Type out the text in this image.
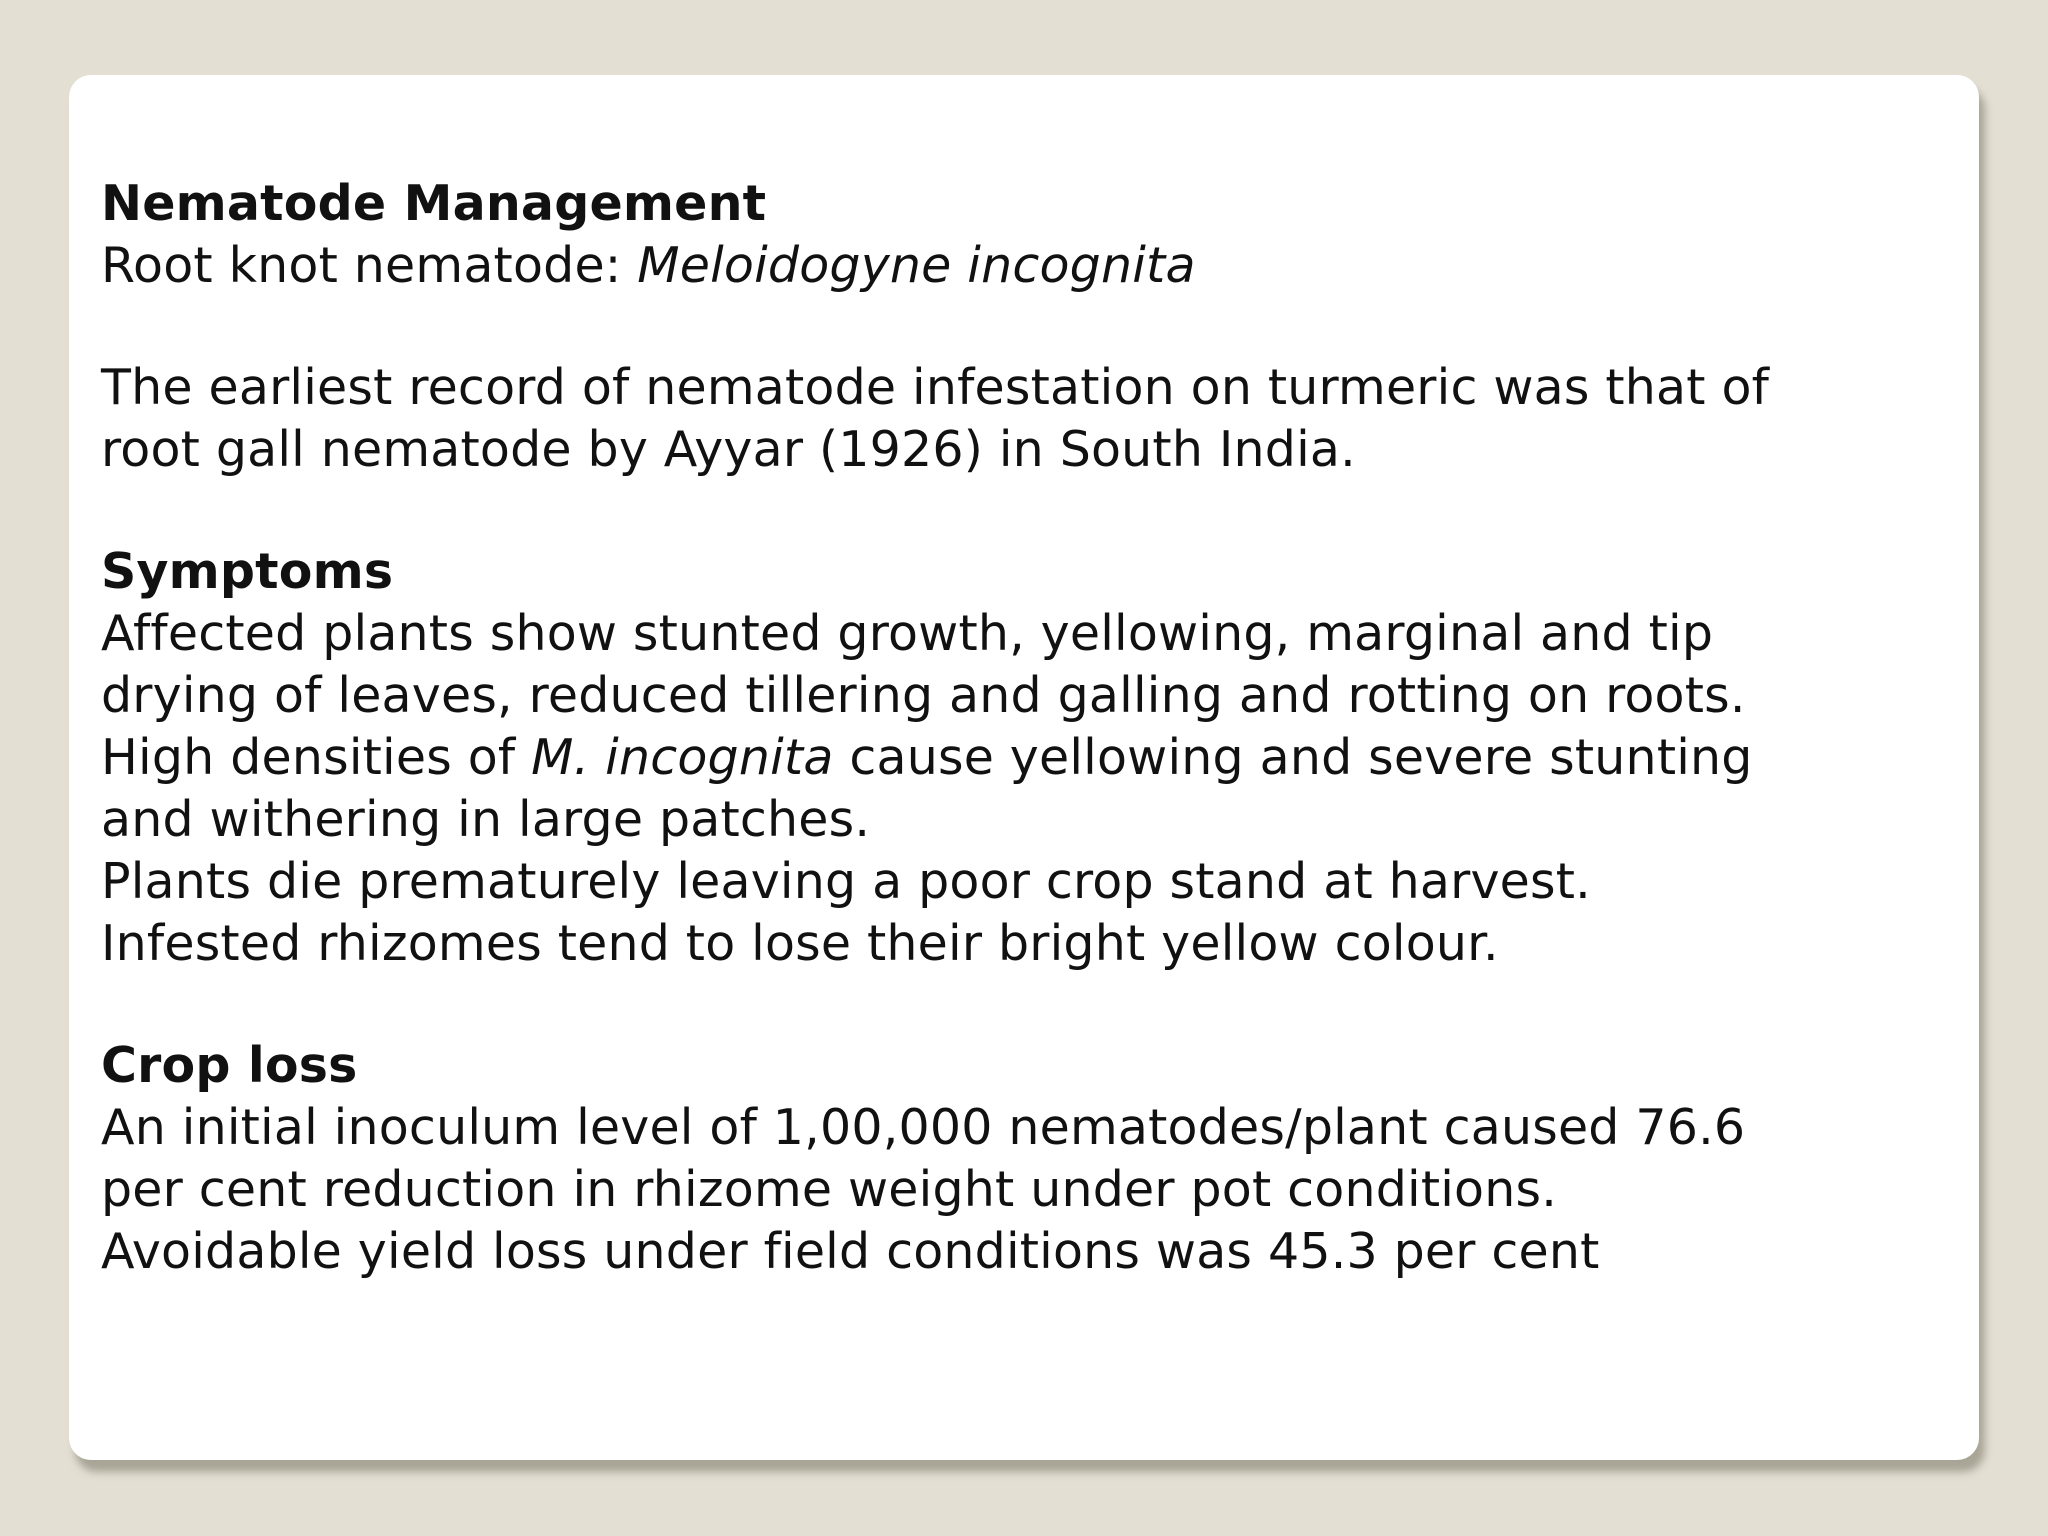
Nematode Management
Root knot nematode: Meloidogyne incognita
The earliest record of nematode infestation on turmeric was that of
root gall nematode by Ayyar (1926) in South India.
Symptoms
Affected plants show stunted growth, yellowing, marginal and tip
drying of leaves, reduced tillering and galling and rotting on roots.
High densities of M. incognita cause yellowing and severe stunting
and withering in large patches.
Plants die prematurely leaving a poor crop stand at harvest.
Infested rhizomes tend to lose their bright yellow colour.
Crop loss
An initial inoculum level of 1,00,000 nematodes/plant caused 76.6
per cent reduction in rhizome weight under pot conditions.
Avoidable yield loss under field conditions was 45.3 per cent
